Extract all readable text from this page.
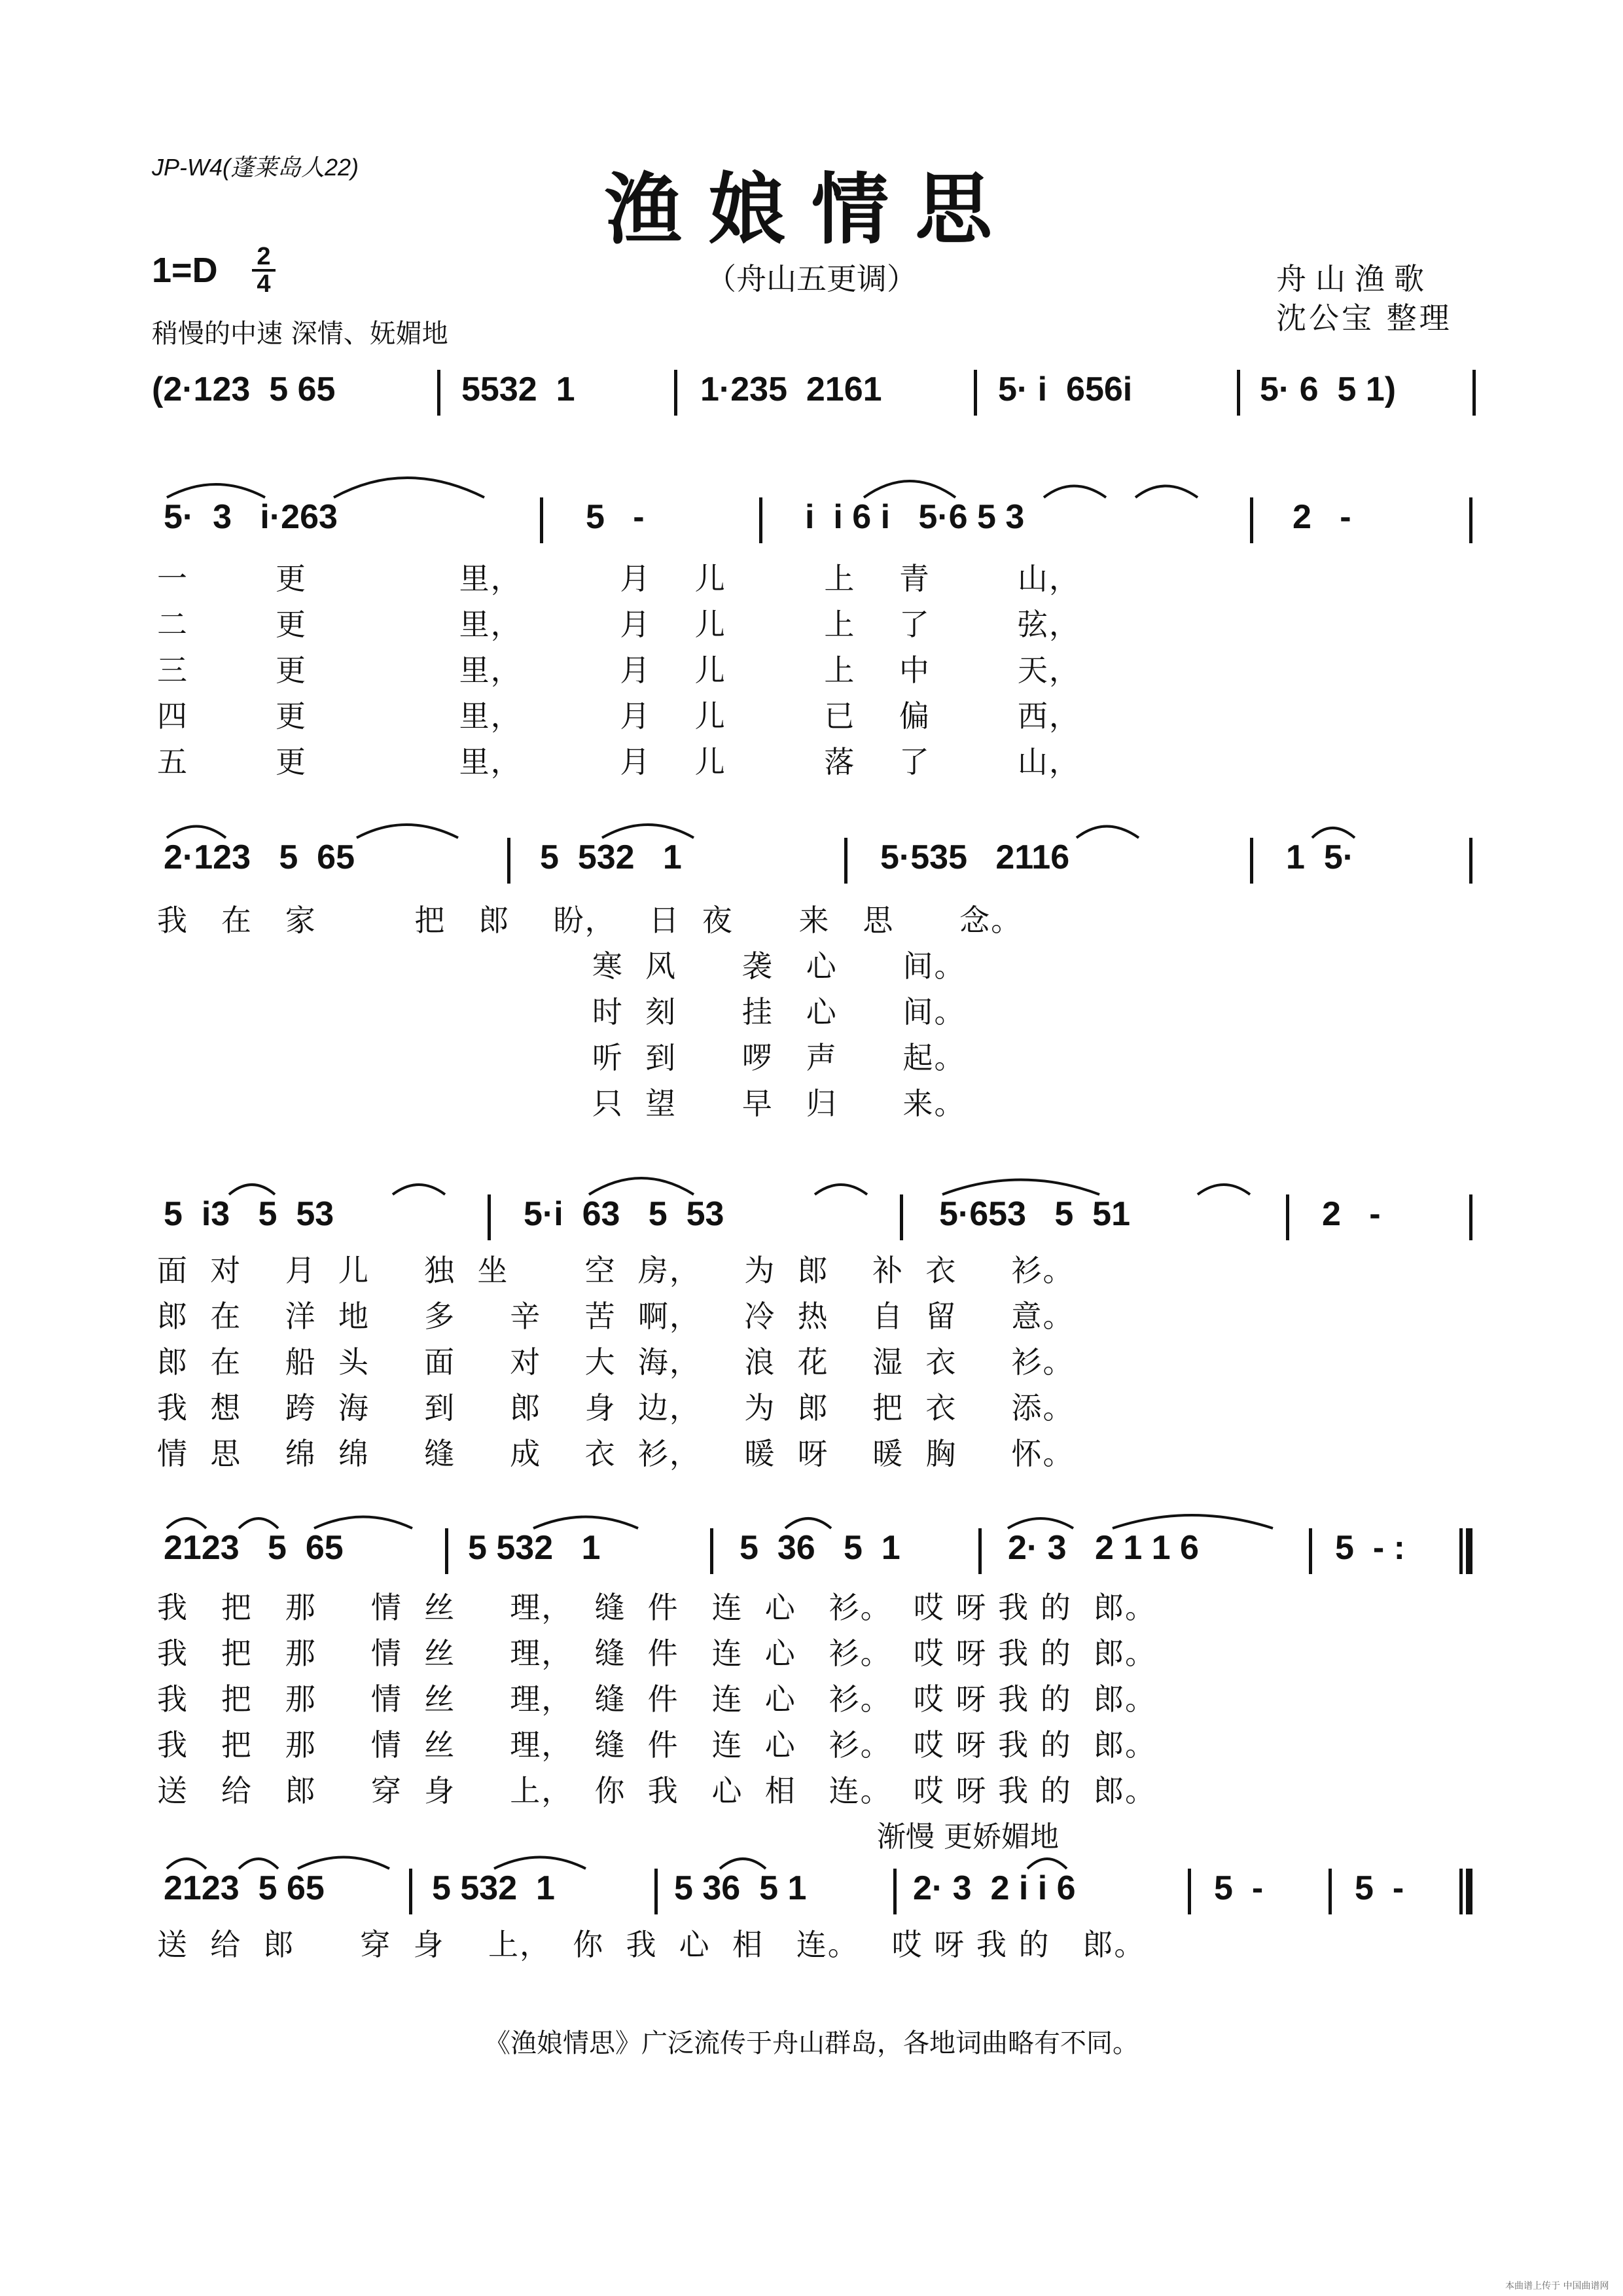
JP-W4(蓬莱岛人22)	渔娘情思
1=D 2
4	（舟山五更调）	舟山渔歌
沈公宝 整理
稍慢的中速 深情、妩媚地
(2·123  5 65	5532  1	1·235  2161	5· i  656i	5· 6  5 1)
5·  3   i·263	5   -	i  i 6 i   5·6 5 3	2   -
一        更              里，         月    儿         上    青        山，
二        更              里，         月    儿         上    了        弦，
三        更              里，         月    儿         上    中        天，
四        更              里，         月    儿         已    偏        西，
五        更              里，         月    儿         落    了        山，
2·123   5  65	5  532   1	5·535   2116	1  5·
我   在   家         把   郎    盼，   日  夜      来   思      念。
寒  风      袭   心      间。
时  刻      挂   心      间。
听  到      啰   声      起。
只  望      早   归      来。
5  i3   5  53	5·i  63   5  53	5·653   5  51	2   -
面  对    月  儿     独  坐       空  房，    为  郎    补  衣     衫。
郎  在    洋  地     多     辛    苦  啊，    冷  热    自  留     意。
郎  在    船  头     面     对    大  海，    浪  花    湿  衣     衫。
我  想    跨  海     到     郎    身  边，    为  郎    把  衣     添。
情  思    绵  绵     缝     成    衣  衫，    暖  呀    暖  胸     怀。
2123   5  65	5 532   1	5  36   5  1	2· 3   2 1 1 6	5  - :
我   把   那     情  丝     理，  缝  件   连  心   衫。  哎 呀 我 的  郎。
我   把   那     情  丝     理，  缝  件   连  心   衫。  哎 呀 我 的  郎。
我   把   那     情  丝     理，  缝  件   连  心   衫。  哎 呀 我 的  郎。
我   把   那     情  丝     理，  缝  件   连  心   衫。  哎 呀 我 的  郎。
送   给   郎     穿  身     上，  你  我   心  相   连。  哎 呀 我 的  郎。
渐慢 更娇媚地
2123  5 65	5 532  1	5 36  5 1	2· 3  2 i i 6	5  -	5  -
送  给  郎      穿  身    上，  你  我  心  相   连。   哎 呀 我 的   郎。
《渔娘情思》广泛流传于舟山群岛，各地词曲略有不同。
本曲谱上传于 中国曲谱网
